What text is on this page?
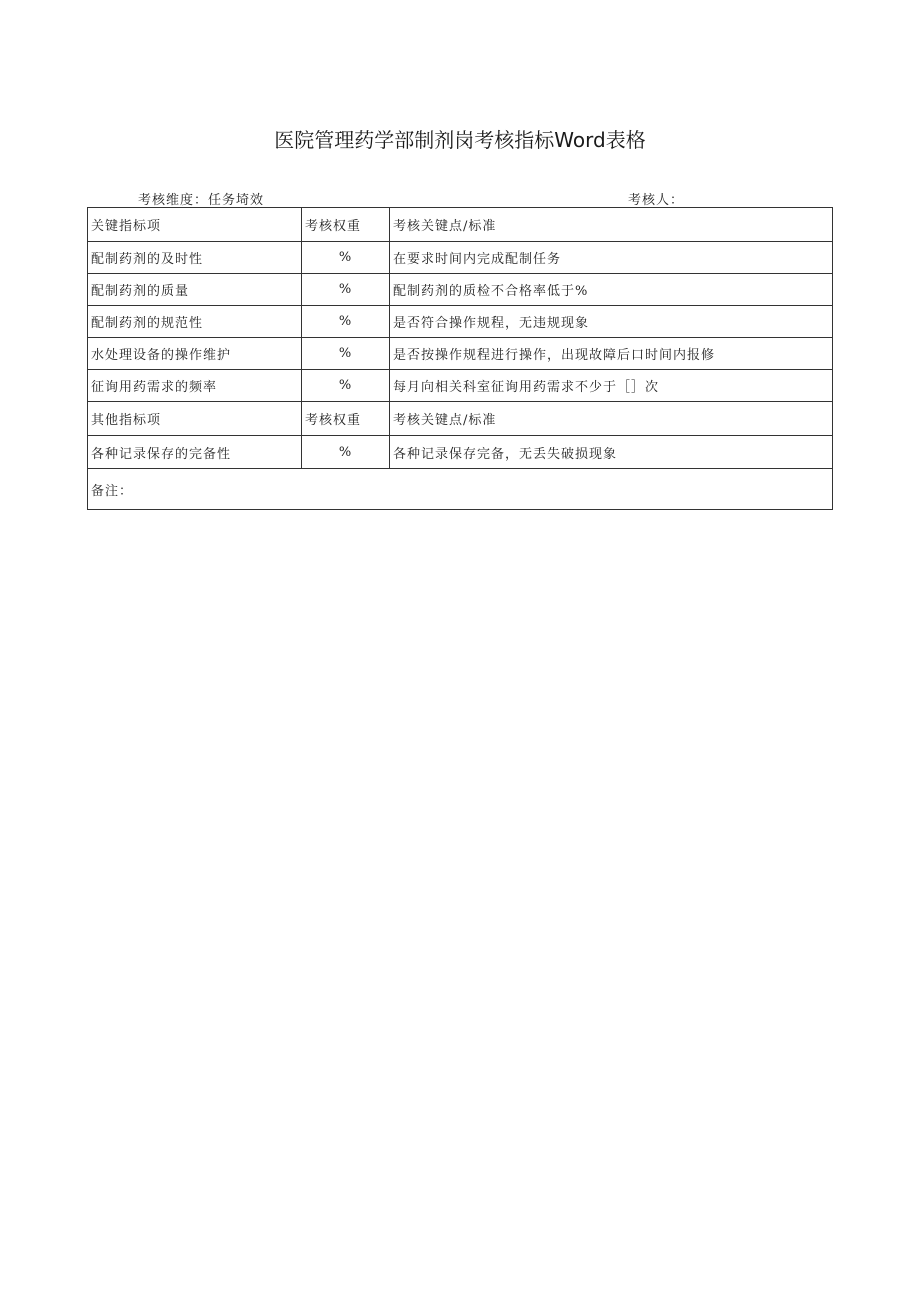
医院管理药学部制剂岗考核指标Word表格
考核维度：任务埼效	考核人：
关键指标项	考核权重	考核关键点/标准
配制药剂的及时性	%	在要求时间内完成配制任务
配制药剂的质量	%	配制药剂的质检不合格率低于%
配制药剂的规范性	%	是否符合操作规程，无违规现象
水处理设备的操作维护	%	是否按操作规程进行操作，出现故障后口时间内报修
征询用药需求的频率	%	每月向相关科室征询用药需求不少于［］次
其他指标项	考核权重	考核关键点/标准
各种记录保存的完备性	%	各种记录保存完备，无丢失破损现象
备注：		
